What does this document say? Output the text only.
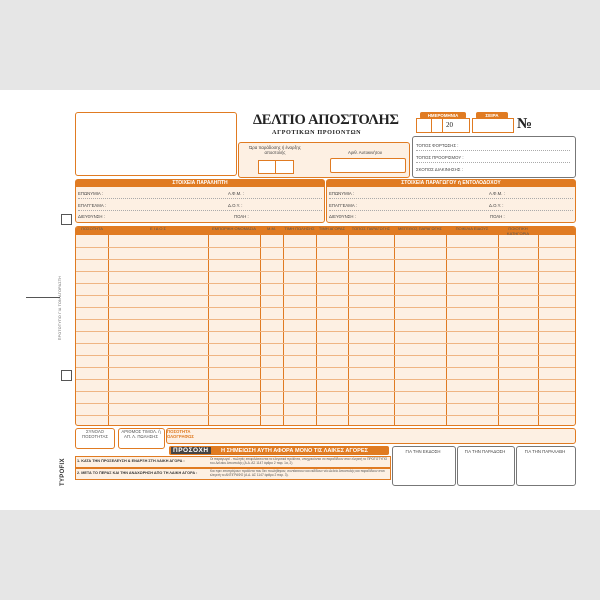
ΔΕΛΤΙΟ ΑΠΟΣΤΟΛΗΣ
ΑΓΡΟΤΙΚΩΝ ΠΡΟΙΟΝΤΩΝ
ΗΜΕΡΟΜΗΝΙΑ
20
ΣΕΙΡΑ
№
Ώρα παράδοσης ή έναρξης αποστολής	Αριθ. Αυτοκινήτου
ΤΟΠΟΣ ΦΟΡΤΩΣΗΣ :
ΤΟΠΟΣ ΠΡΟΟΡΙΣΜΟΥ :
ΣΚΟΠΟΣ ΔΙΑΚΙΝΗΣΗΣ :
ΣΤΟΙΧΕΙΑ ΠΑΡΑΛΗΠΤΗ
ΕΠΩΝΥΜΙΑ :	Α.Φ.Μ. :
ΕΠΑΓΓΕΛΜΑ :	Δ.Ο.Υ. :
ΔΙΕΥΘΥΝΣΗ :	ΠΟΛΗ :
ΣΤΟΙΧΕΙΑ ΠΑΡΑΓΩΓΟΥ ή ΕΝΤΟΛΟΔΟΧΟΥ
ΕΠΩΝΥΜΙΑ :	Α.Φ.Μ. :
ΕΠΑΓΓΕΛΜΑ :	Δ.Ο.Υ. :
ΔΙΕΥΘΥΝΣΗ :	ΠΟΛΗ :
ΠΡΩΤΟΤΥΠΟ ΓΙΑ ΤΟΝ ΑΓΟΡΑΣΤΗ
ΠΟΣΟΤΗΤΑ	Ε Ι Δ Ο Σ	ΕΜΠΟΡΙΚΗ ΟΝΟΜΑΣΙΑ	Μ.Μ.	ΤΙΜΗ ΠΩΛΗΣΗΣ	ΤΙΜΗ ΑΓΟΡΑΣ	ΤΟΠΟΣ ΠΑΡΑΓΩΓΗΣ	ΜΕΓΕΘΟΣ ΠΑΡΑΓΩΓΗΣ	ΠΟΙΚΙΛΙΑ ΕΙΔΟΥΣ	ΠΟΙΟΤΙΚΗ ΚΑΤΗΓΟΡΙΑ
ΣΥΝΟΛΟ ΠΟΣΟΤΗΤΑΣ
ΑΡΙΘΜΟΣ ΤΙΜΟΛ. ή ΑΠ. Λ. ΠΩΛΗΣΗΣ
ΠΟΣΟΤΗΤΑ ΟΛΟΓΡΑΦΩΣ
ΠΡΟΣΟΧΗ	Η ΣΗΜΕΙΩΣΗ ΑΥΤΗ ΑΦΟΡΑ ΜΟΝΟ ΤΙΣ ΛΑΙΚΕΣ ΑΓΟΡΕΣ
1. ΚΑΤΑ ΤΗΝ ΠΡΟΣΕΛΕΥΣΗ & ΕΝΑΡΞΗ ΣΤΗ ΛΑΙΚΗ ΑΓΟΡΑ :	Οι παραγωγοί - πωλητές επιφυλάσσονται τα ελεγκτικά προϊόντα, υποχρεούνται να παραδίδουν στον ελεγκτή το ΠΡΩΤΟΤΥΠΟ του Δελτίου Αποστολής (Α.Δ. ΑΣ 1147 άρθρο 2 παρ. 1α, 2)
2. ΜΕΤΑ ΤΟ ΠΕΡΑΣ ΚΑΙ ΤΗΝ ΑΝΑΧΩΡΗΣΗ ΑΠΟ ΤΗ ΛΑΙΚΗ ΑΓΟΡΑ :	Και πριν επιστρέψουν προϊόντα που δεν πουλήθηκαν, συντάσσουν και εκδίδουν νέο Δελτίο Αποστολής και παραδίδουν στον ελεγκτή το ΑΝΤΙΓΡΑΦΟ (Α.Δ. ΑΣ 1147 άρθρο 2 παρ. 3).
TYPOFIX
ΓΙΑ ΤΗΝ ΕΚΔΟΣΗ	ΓΙΑ ΤΗΝ ΠΑΡΑΔΟΣΗ	ΓΙΑ ΤΗΝ ΠΑΡΑΛΑΒΗ
